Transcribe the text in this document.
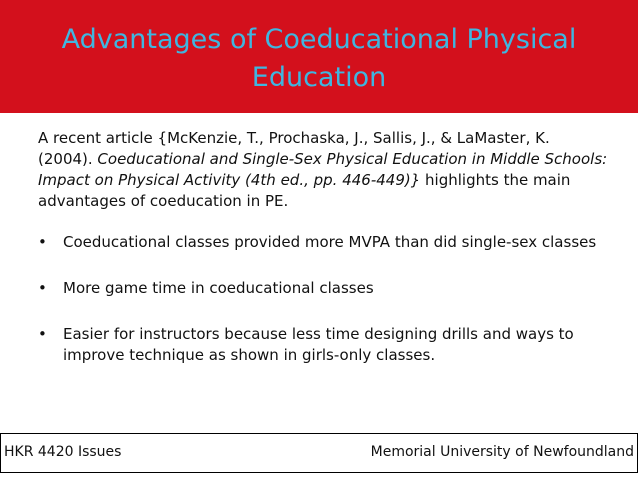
Advantages of Coeducational Physical Education

A recent article {McKenzie, T., Prochaska, J., Sallis, J., & LaMaster, K. (2004). Coeducational and Single-Sex Physical Education in Middle Schools: Impact on Physical Activity (4th ed., pp. 446-449)} highlights the main advantages of coeducation in PE.

• Coeducational classes provided more MVPA than did single-sex classes
• More game time in coeducational classes
• Easier for instructors because less time designing drills and ways to improve technique as shown in girls-only classes.
HKR 4420 Issues	Memorial University of Newfoundland
